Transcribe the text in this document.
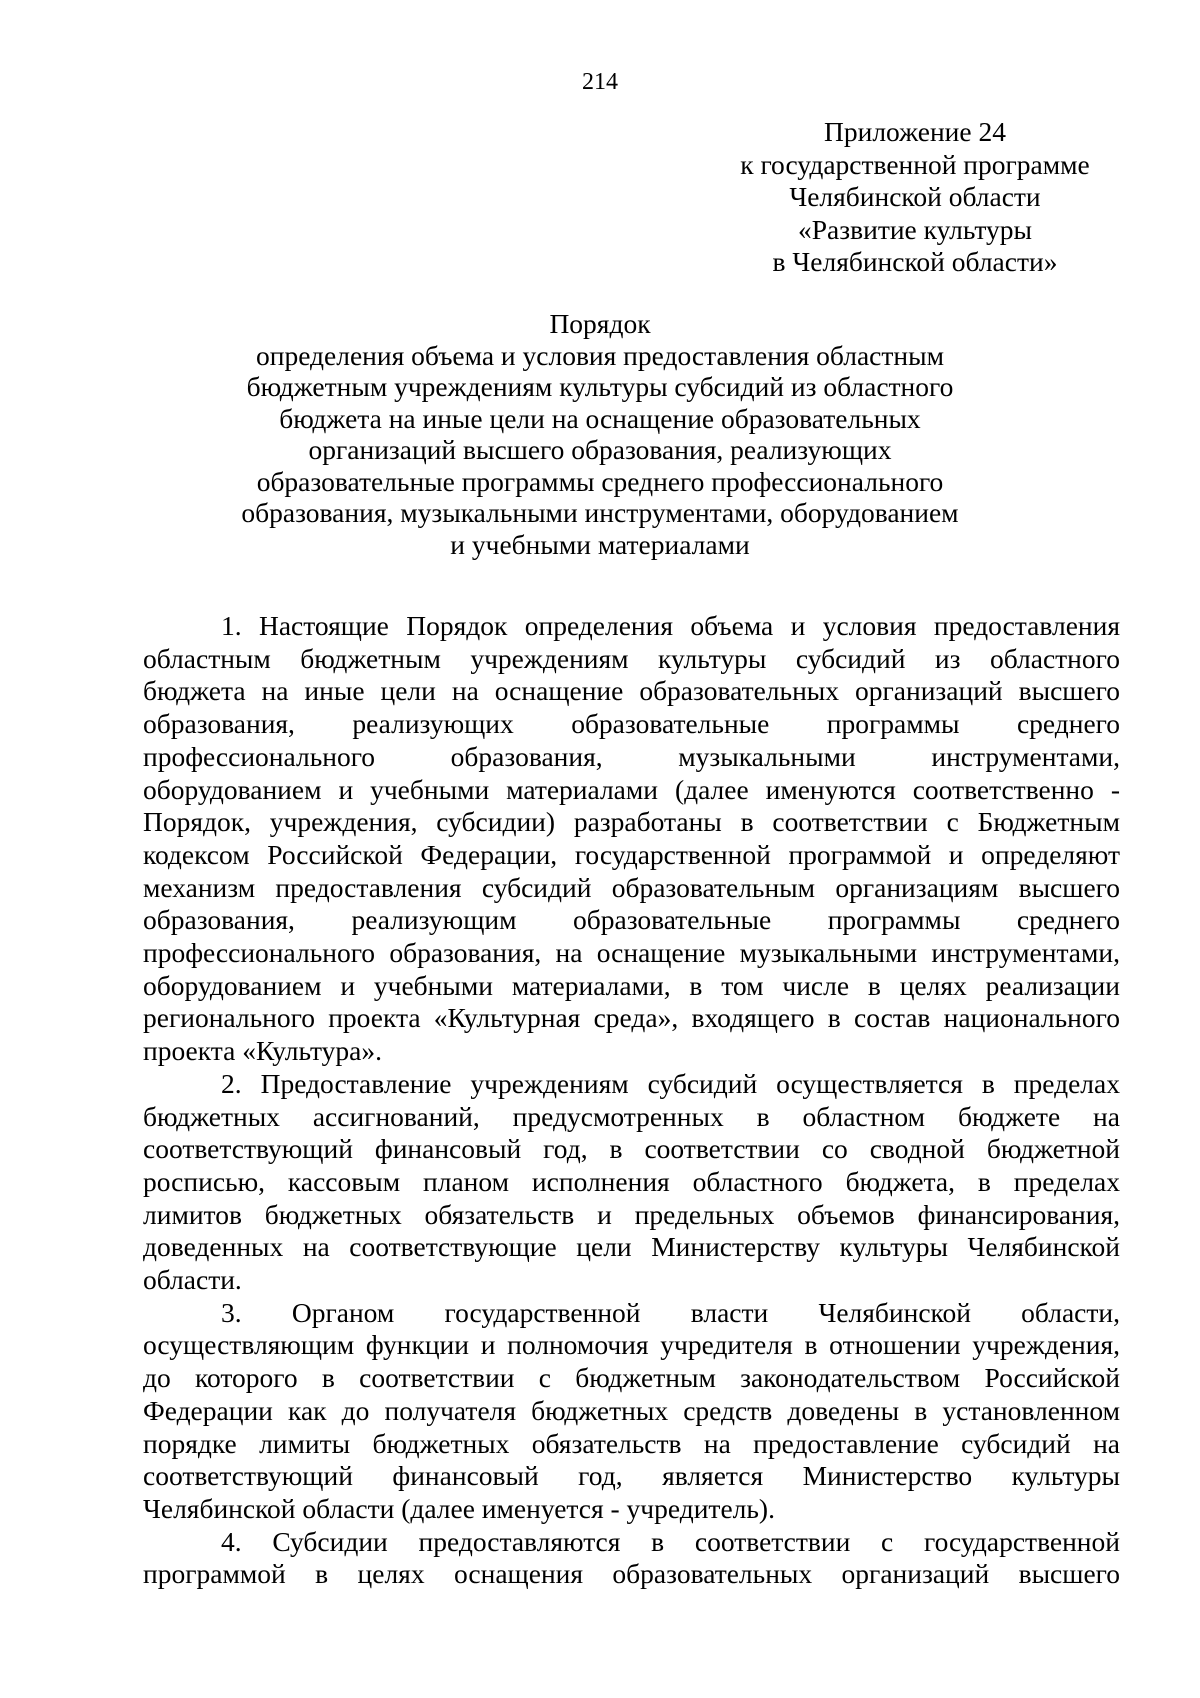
214
Приложение 24
к государственной программе
Челябинской области
«Развитие культуры
в Челябинской области»
Порядок
определения объема и условия предоставления областным
бюджетным учреждениям культуры субсидий из областного
бюджета на иные цели на оснащение образовательных
организаций высшего образования, реализующих
образовательные программы среднего профессионального
образования, музыкальными инструментами, оборудованием
и учебными материалами
1. Настоящие Порядок определения объема и условия предоставления
областным бюджетным учреждениям культуры субсидий из областного
бюджета на иные цели на оснащение образовательных организаций высшего
образования, реализующих образовательные программы среднего
профессионального образования, музыкальными инструментами,
оборудованием и учебными материалами (далее именуются соответственно -
Порядок, учреждения, субсидии) разработаны в соответствии с Бюджетным
кодексом Российской Федерации, государственной программой и определяют
механизм предоставления субсидий образовательным организациям высшего
образования, реализующим образовательные программы среднего
профессионального образования, на оснащение музыкальными инструментами,
оборудованием и учебными материалами, в том числе в целях реализации
регионального проекта «Культурная среда», входящего в состав национального
проекта «Культура».
2. Предоставление учреждениям субсидий осуществляется в пределах
бюджетных ассигнований, предусмотренных в областном бюджете на
соответствующий финансовый год, в соответствии со сводной бюджетной
росписью, кассовым планом исполнения областного бюджета, в пределах
лимитов бюджетных обязательств и предельных объемов финансирования,
доведенных на соответствующие цели Министерству культуры Челябинской
области.
3. Органом государственной власти Челябинской области,
осуществляющим функции и полномочия учредителя в отношении учреждения,
до которого в соответствии с бюджетным законодательством Российской
Федерации как до получателя бюджетных средств доведены в установленном
порядке лимиты бюджетных обязательств на предоставление субсидий на
соответствующий финансовый год, является Министерство культуры
Челябинской области (далее именуется - учредитель).
4. Субсидии предоставляются в соответствии с государственной
программой в целях оснащения образовательных организаций высшего
